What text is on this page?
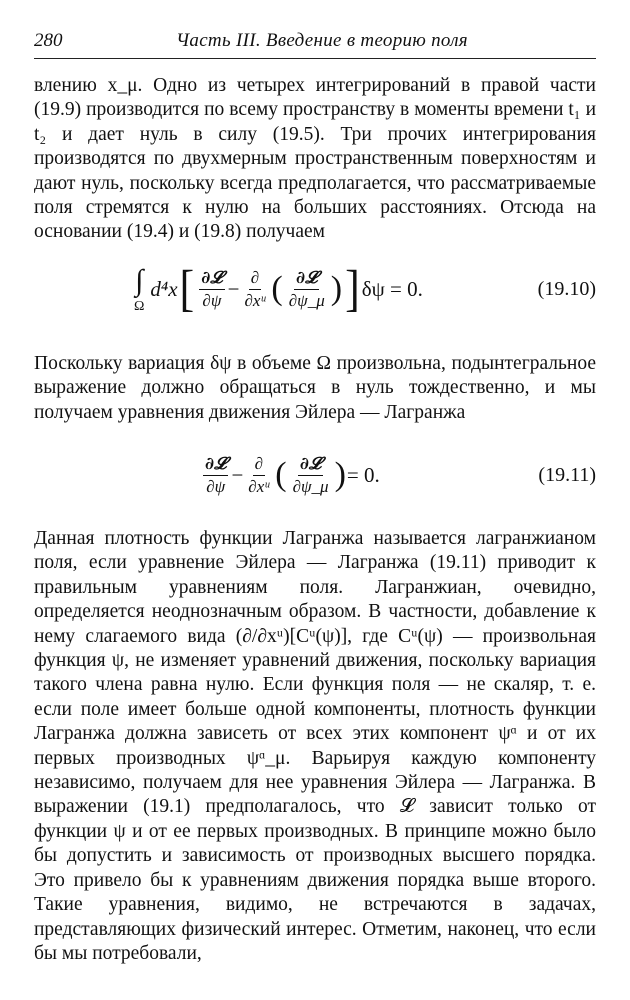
280	Часть III. Введение в теорию поля

влению x_μ. Одно из четырех интегрирований в правой части (19.9) производится по всему пространству в моменты времени t₁ и t₂ и дает нуль в силу (19.5). Три прочих интегрирования производятся по двухмерным пространственным поверхностям и дают нуль, поскольку всегда предполагается, что рассматриваемые поля стремятся к нулю на больших расстояниях. Отсюда на основании (19.4) и (19.8) получаем

∫
Ω
d⁴x [ $\frac{\text{∂𝓛}}{\partial\psi} - \frac{\partial}{\text{∂xᵘ}}$ ( $\frac{\text{∂𝓛}}{\partial\psi\_\mu}$ ) ] δψ = 0.	(19.10)

Поскольку вариация δψ в объеме Ω произвольна, подынтегральное выражение должно обращаться в нуль тождественно, и мы получаем уравнения движения Эйлера — Лагранжа

$\frac{\text{∂𝓛}}{\partial\psi} - \frac{\partial}{\text{∂xᵘ}}$ ( $\frac{\text{∂𝓛}}{\partial\psi\_\mu}$ ) = 0.	(19.11)

Данная плотность функции Лагранжа называется лагранжианом поля, если уравнение Эйлера — Лагранжа (19.11) приводит к правильным уравнениям поля. Лагранжиан, очевидно, определяется неоднозначным образом. В частности, добавление к нему слагаемого вида (∂/∂xᵘ)[Cᵘ(ψ)], где Cᵘ(ψ) — произвольная функция ψ, не изменяет уравнений движения, поскольку вариация такого члена равна нулю. Если функция поля — не скаляр, т. е. если поле имеет больше одной компоненты, плотность функции Лагранжа должна зависеть от всех этих компонент ψᵅ и от их первых производных ψᵅ_μ. Варьируя каждую компоненту независимо, получаем для нее уравнения Эйлера — Лагранжа. В выражении (19.1) предполагалось, что 𝓛 зависит только от функции ψ и от ее первых производных. В принципе можно было бы допустить и зависимость от производных высшего порядка. Это привело бы к уравнениям движения порядка выше второго. Такие уравнения, видимо, не встречаются в задачах, представляющих физический интерес. Отметим, наконец, что если бы мы потребовали,
